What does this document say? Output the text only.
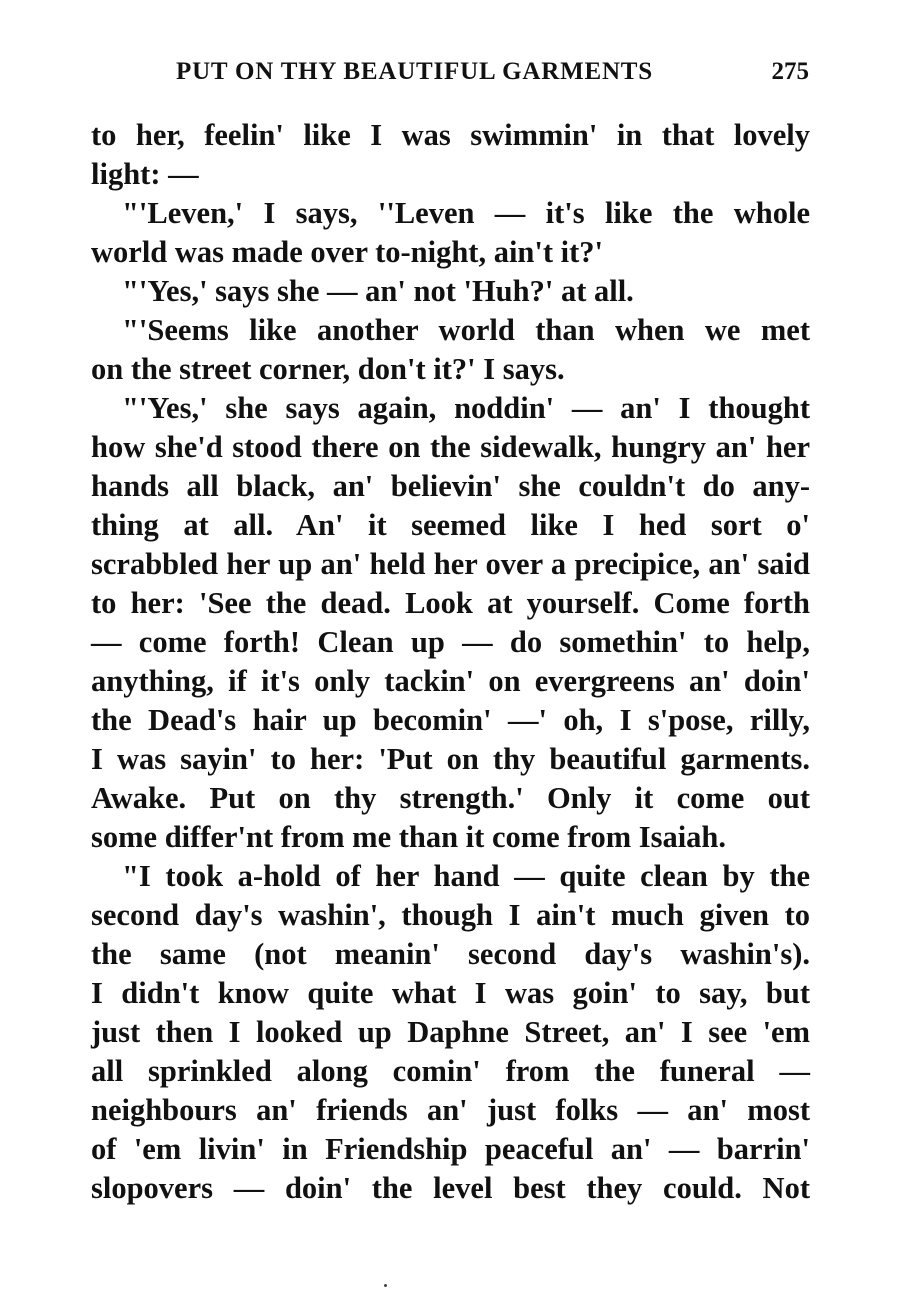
PUT ON THY BEAUTIFUL GARMENTS	275
to her, feelin' like I was swimmin' in that lovely
light: —
"'Leven,' I says, ''Leven — it's like the whole
world was made over to-night, ain't it?'
"'Yes,' says she — an' not 'Huh?' at all.
"'Seems like another world than when we met
on the street corner, don't it?' I says.
"'Yes,' she says again, noddin' — an' I thought
how she'd stood there on the sidewalk, hungry an' her
hands all black, an' believin' she couldn't do any-
thing at all. An' it seemed like I hed sort o'
scrabbled her up an' held her over a precipice, an' said
to her: 'See the dead. Look at yourself. Come forth
— come forth! Clean up — do somethin' to help,
anything, if it's only tackin' on evergreens an' doin'
the Dead's hair up becomin' —' oh, I s'pose, rilly,
I was sayin' to her: 'Put on thy beautiful garments.
Awake. Put on thy strength.' Only it come out
some differ'nt from me than it come from Isaiah.
"I took a-hold of her hand — quite clean by the
second day's washin', though I ain't much given to
the same (not meanin' second day's washin's).
I didn't know quite what I was goin' to say, but
just then I looked up Daphne Street, an' I see 'em
all sprinkled along comin' from the funeral —
neighbours an' friends an' just folks — an' most
of 'em livin' in Friendship peaceful an' — barrin'
slopovers — doin' the level best they could. Not
